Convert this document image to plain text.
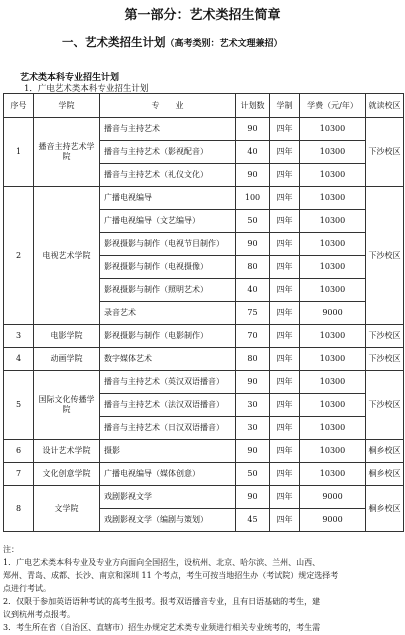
第一部分：艺术类招生简章
一、艺术类招生计划（高考类别：艺术文理兼招）
艺术类本科专业招生计划
1．广电艺术类本科专业招生计划
序号	学院	专　　业	计划数	学制	学费（元/年）	就读校区
1	播音主持艺术学院	播音与主持艺术	90	四年	10300	下沙校区
		播音与主持艺术（影视配音）	40	四年	10300	
		播音与主持艺术（礼仪文化）	90	四年	10300	
2	电视艺术学院	广播电视编导	100	四年	10300	下沙校区
		广播电视编导（文艺编导）	50	四年	10300	
		影视摄影与制作（电视节目制作）	90	四年	10300	
		影视摄影与制作（电视摄像）	80	四年	10300	
		影视摄影与制作（照明艺术）	40	四年	10300	
		录音艺术	75	四年	9000	
3	电影学院	影视摄影与制作（电影制作）	70	四年	10300	下沙校区
4	动画学院	数字媒体艺术	80	四年	10300	下沙校区
5	国际文化传播学院	播音与主持艺术（英汉双语播音）	90	四年	10300	下沙校区
		播音与主持艺术（法汉双语播音）	30	四年	10300	
		播音与主持艺术（日汉双语播音）	30	四年	10300	
6	设计艺术学院	摄影	90	四年	10300	桐乡校区
7	文化创意学院	广播电视编导（媒体创意）	50	四年	10300	桐乡校区
8	文学院	戏剧影视文学	90	四年	9000	桐乡校区
		戏剧影视文学（编剧与策划）	45	四年	9000	

注：

1．广电艺术类本科专业及专业方向面向全国招生，设杭州、北京、哈尔滨、兰州、山西、

郑州、青岛、成都、长沙、南京和深圳 11 个考点，考生可按当地招生办（考试院）规定选择考

点进行考试。

2．仅限于参加英语语种考试的高考生报考。报考双语播音专业，且有日语基础的考生，建

议到杭州考点报考。

3．考生所在省（自治区、直辖市）招生办规定艺术类专业须进行相关专业统考的，考生需
